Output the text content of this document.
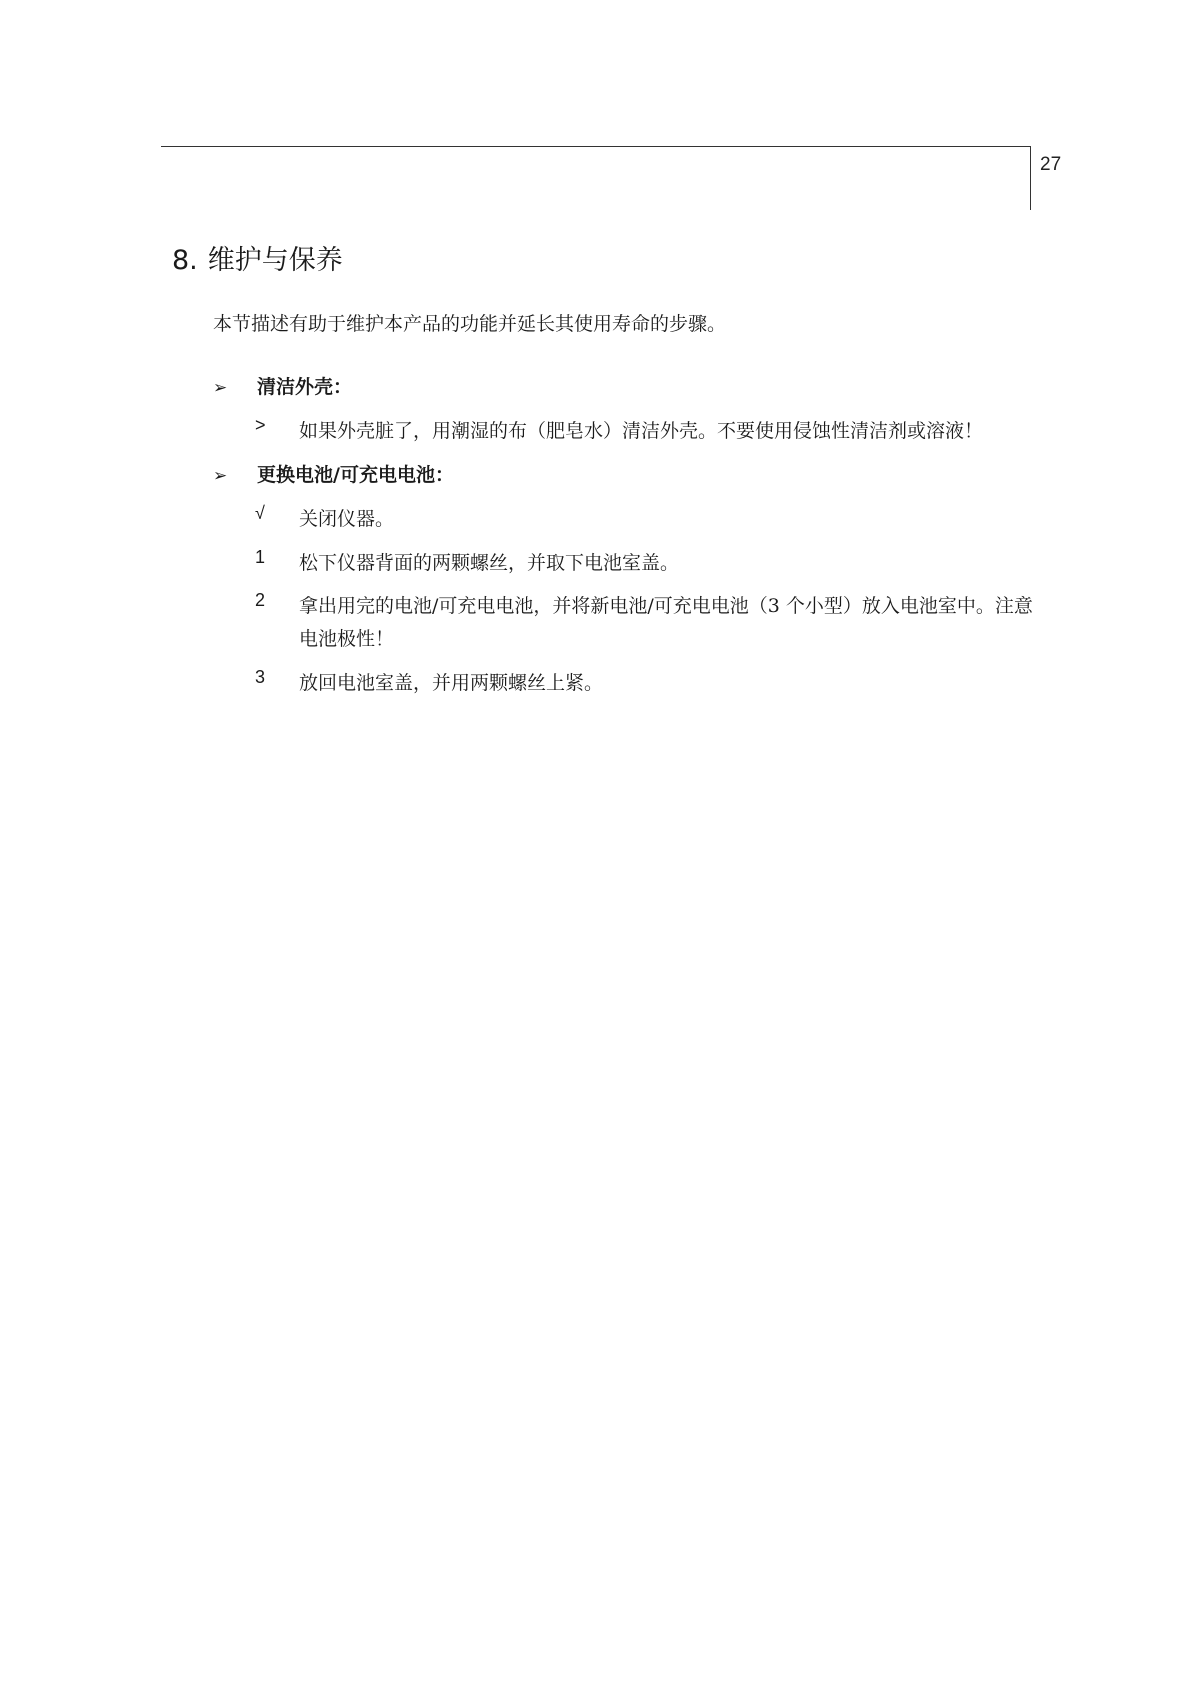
27
8. 维护与保养

本节描述有助于维护本产品的功能并延长其使用寿命的步骤。

➢ 清洁外壳：
>	如果外壳脏了，用潮湿的布（肥皂水）清洁外壳。不要使用侵蚀性清洁剂或溶液！
➢ 更换电池/可充电电池：
√	关闭仪器。
1	松下仪器背面的两颗螺丝，并取下电池室盖。
2	拿出用完的电池/可充电电池，并将新电池/可充电电池（3 个小型）放入电池室中。注意电池极性！
3	放回电池室盖，并用两颗螺丝上紧。
